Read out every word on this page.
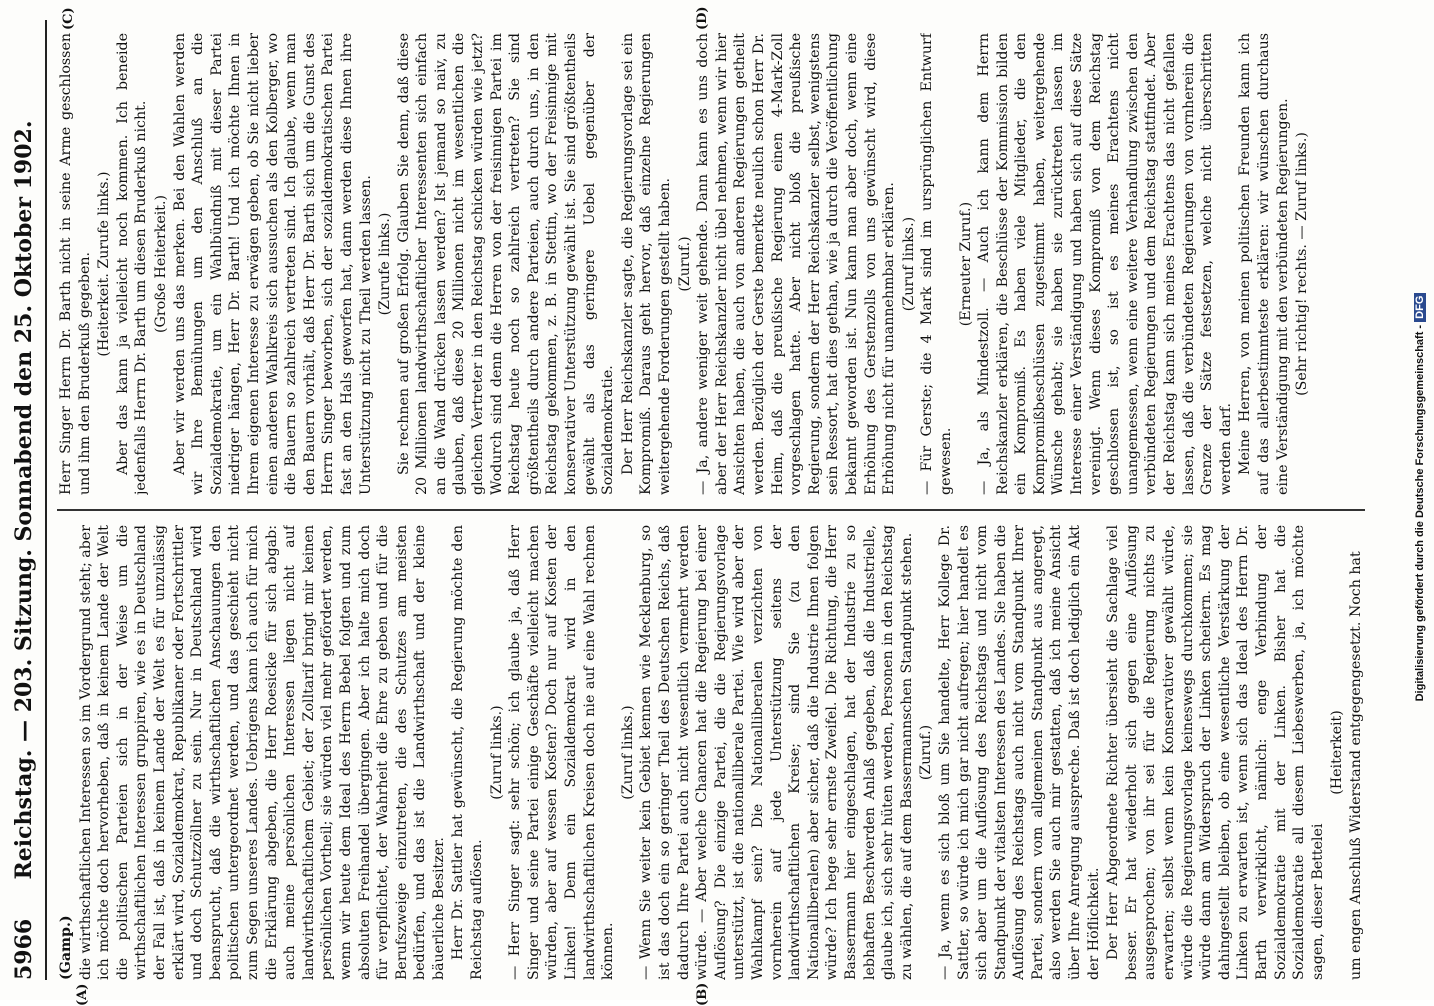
5966
Reichstag. — 203. Sitzung. Sonnabend den 25. Oktober 1902.
(A)	(B)
(C)	(D)

(Gamp.) die wirthschaftlichen Interessen so im Vordergrund steht; aber ich möchte doch hervorheben, daß in keinem Lande der Welt die politischen Parteien sich in der Weise um die wirthschaftlichen Interessen gruppiren, wie es in Deutschland der Fall ist, daß in keinem Lande der Welt es für unzulässig erklärt wird, Sozialdemokrat, Republikaner oder Fortschrittler und doch Schutzzöllner zu sein. Nur in Deutschland wird beansprucht, daß die wirthschaftlichen Anschauungen den politischen untergeordnet werden, und das geschieht nicht zum Segen unseres Landes. Uebrigens kann ich auch für mich die Erklärung abgeben, die Herr Roesicke für sich abgab: auch meine persönlichen Interessen liegen nicht auf landwirthschaftlichem Gebiet; der Zolltarif bringt mir keinen persönlichen Vortheil; sie würden viel mehr gefördert werden, wenn wir heute dem Ideal des Herrn Bebel folgten und zum absoluten Freihandel übergingen. Aber ich halte mich doch für verpflichtet, der Wahrheit die Ehre zu geben und für die Berufszweige einzutreten, die des Schutzes am meisten bedürfen, und das ist die Landwirthschaft und der kleine bäuerliche Besitzer. Herr Dr. Sattler hat gewünscht, die Regierung möchte den Reichstag auflösen.

(Zuruf links.) — Herr Singer sagt: sehr schön; ich glaube ja, daß Herr Singer und seine Partei einige Geschäfte vielleicht machen würden, aber auf wessen Kosten? Doch nur auf Kosten der Linken! Denn ein Sozialdemokrat wird in den landwirthschaftlichen Kreisen doch nie auf eine Wahl rechnen können.

(Zuruf links.) — Wenn Sie weiter kein Gebiet kennen wie Mecklenburg, so ist das doch ein so geringer Theil des Deutschen Reichs, daß dadurch Ihre Partei auch nicht wesentlich vermehrt werden würde. — Aber welche Chancen hat die Regierung bei einer Auflösung? Die einzige Partei, die die Regierungsvorlage unterstützt, ist die nationalliberale Partei. Wie wird aber der Wahlkampf sein? Die Nationalliberalen verzichten von vornherein auf jede Unterstützung seitens der landwirthschaftlichen Kreise; sind Sie (zu den Nationalliberalen) aber sicher, daß die Industrie Ihnen folgen würde? Ich hege sehr ernste Zweifel. Die Richtung, die Herr Bassermann hier eingeschlagen, hat der Industrie zu so lebhaften Beschwerden Anlaß gegeben, daß die Industrielle, glaube ich, sich sehr hüten werden, Personen in den Reichstag zu wählen, die auf dem Bassermannschen Standpunkt stehen. (Zuruf.) — Ja, wenn es sich bloß um Sie handelte, Herr Kollege Dr. Sattler, so würde ich mich gar nicht aufregen; hier handelt es sich aber um die Auflösung des Reichstags und nicht vom Standpunkt der vitalsten Interessen des Landes. Sie haben die Auflösung des Reichstags auch nicht vom Standpunkt Ihrer Partei, sondern vom allgemeinen Standpunkt aus angeregt, also werden Sie auch mir gestatten, daß ich meine Ansicht über Ihre Anregung ausspreche. Daß ist doch lediglich ein Akt der Höflichkeit. Der Herr Abgeordnete Richter übersieht die Sachlage viel besser. Er hat wiederholt sich gegen eine Auflösung ausgesprochen; von ihr sei für die Regierung nichts zu erwarten; selbst wenn kein Konservativer gewählt würde, würde die Regierungsvorlage keineswegs durchkommen; sie würde dann am Widerspruch der Linken scheitern. Es mag dahingestellt bleiben, ob eine wesentliche Verstärkung der Linken zu erwarten ist, wenn sich das Ideal des Herrn Dr. Barth verwirklicht, nämlich: enge Verbindung der Sozialdemokratie mit der Linken. Bisher hat die Sozialdemokratie all diesem Liebeswerben, ja, ich möchte sagen, dieser Bettelei

(Heiterkeit) um engen Anschluß Widerstand entgegengesetzt. Noch hat

Herr Singer Herrn Dr. Barth nicht in seine Arme geschlossen und ihm den Bruderkuß gegeben. (Heiterkeit. Zurufe links.) Aber das kann ja vielleicht noch kommen. Ich beneide jedenfalls Herrn Dr. Barth um diesen Bruderkuß nicht. (Große Heiterkeit.) Aber wir werden uns das merken. Bei den Wahlen werden wir Ihre Bemühungen um den Anschluß an die Sozialdemokratie, um ein Wahlbündniß mit dieser Partei niedriger hängen, Herr Dr. Barth! Und ich möchte Ihnen in Ihrem eigenen Interesse zu erwägen geben, ob Sie nicht lieber einen anderen Wahlkreis sich aussuchen als den Kolberger, wo die Bauern so zahlreich vertreten sind. Ich glaube, wenn man den Bauern vorhält, daß Herr Dr. Barth sich um die Gunst des Herrn Singer beworben, sich der sozialdemokratischen Partei fast an den Hals geworfen hat, dann werden diese Ihnen ihre Unterstützung nicht zu Theil werden lassen. (Zurufe links.) Sie rechnen auf großen Erfolg. Glauben Sie denn, daß diese 20 Millionen landwirthschaftlicher Interessenten sich einfach an die Wand drücken lassen werden? Ist jemand so naiv, zu glauben, daß diese 20 Millionen nicht im wesentlichen die gleichen Vertreter in den Reichstag schicken würden wie jetzt? Wodurch sind denn die Herren von der freisinnigen Partei im Reichstag heute noch so zahlreich vertreten? Sie sind größtentheils durch andere Parteien, auch durch uns, in den Reichstag gekommen, z. B. in Stettin, wo der Freisinnige mit konservativer Unterstützung gewählt ist. Sie sind größtentheils gewählt als das geringere Uebel gegenüber der Sozialdemokratie. Der Herr Reichskanzler sagte, die Regierungsvorlage sei ein Kompromiß. Daraus geht hervor, daß einzelne Regierungen weitergehende Forderungen gestellt haben. (Zuruf.) — Ja, andere weniger weit gehende. Dann kann es uns doch aber der Herr Reichskanzler nicht übel nehmen, wenn wir hier Ansichten haben, die auch von anderen Regierungen getheilt werden. Bezüglich der Gerste bemerkte neulich schon Herr Dr. Heim, daß die preußische Regierung einen 4-Mark-Zoll vorgeschlagen hatte. Aber nicht bloß die preußische Regierung, sondern der Herr Reichskanzler selbst, wenigstens sein Ressort, hat dies gethan, wie ja durch die Veröffentlichung bekannt geworden ist. Nun kann man aber doch, wenn eine Erhöhung des Gerstenzolls von uns gewünscht wird, diese Erhöhung nicht für unannehmbar erklären. (Zuruf links.) — Für Gerste; die 4 Mark sind im ursprünglichen Entwurf gewesen.

(Erneuter Zuruf.) — Ja, als Mindestzoll. — Auch ich kann dem Herrn Reichskanzler erklären, die Beschlüsse der Kommission bilden ein Kompromiß. Es haben viele Mitglieder, die den Kompromißbeschlüssen zugestimmt haben, weitergehende Wünsche gehabt; sie haben sie zurücktreten lassen im Interesse einer Verständigung und haben sich auf diese Sätze vereinigt. Wenn dieses Kompromiß von dem Reichstag geschlossen ist, so ist es meines Erachtens nicht unangemessen, wenn eine weitere Verhandlung zwischen den verbündeten Regierungen und dem Reichstag stattfindet. Aber der Reichstag kann sich meines Erachtens das nicht gefallen lassen, daß die verbündeten Regierungen von vornherein die Grenze der Sätze festsetzen, welche nicht überschritten werden darf. Meine Herren, von meinen politischen Freunden kann ich auf das allerbestimmteste erklären: wir wünschen durchaus eine Verständigung mit den verbündeten Regierungen. (Sehr richtig! rechts. — Zuruf links.)

Digitalisierung gefördert durch die Deutsche Forschungsgemeinschaft - DFG
